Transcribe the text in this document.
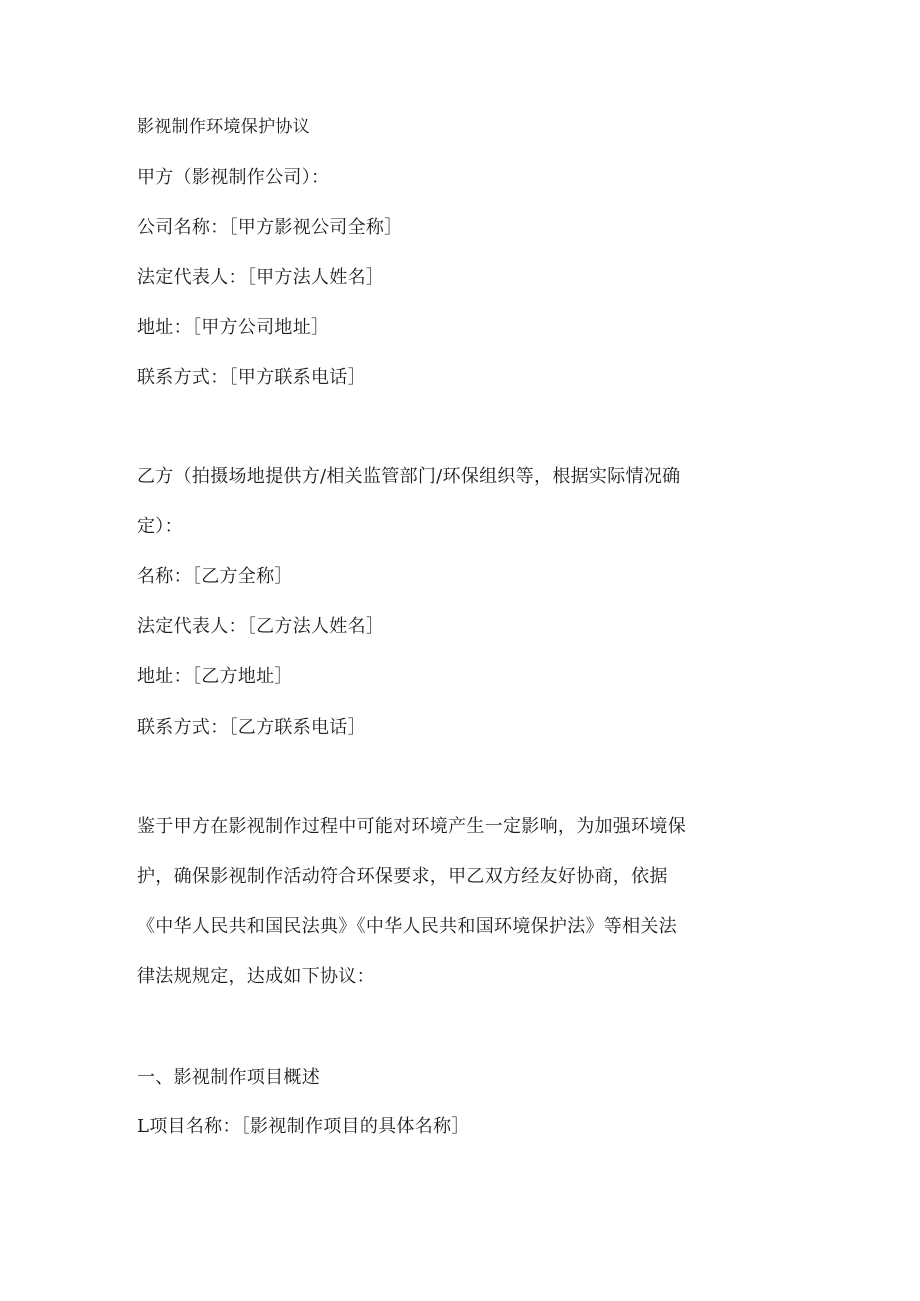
影视制作环境保护协议

甲方（影视制作公司）：

公司名称：［甲方影视公司全称］

法定代表人：［甲方法人姓名］

地址：［甲方公司地址］

联系方式：［甲方联系电话］

乙方（拍摄场地提供方/相关监管部门/环保组织等，根据实际情况确

定）：

名称：［乙方全称］

法定代表人：［乙方法人姓名］

地址：［乙方地址］

联系方式：［乙方联系电话］

鉴于甲方在影视制作过程中可能对环境产生一定影响，为加强环境保

护，确保影视制作活动符合环保要求，甲乙双方经友好协商，依据

《中华人民共和国民法典》《中华人民共和国环境保护法》等相关法

律法规规定，达成如下协议：

一、影视制作项目概述

L项目名称：［影视制作项目的具体名称］
